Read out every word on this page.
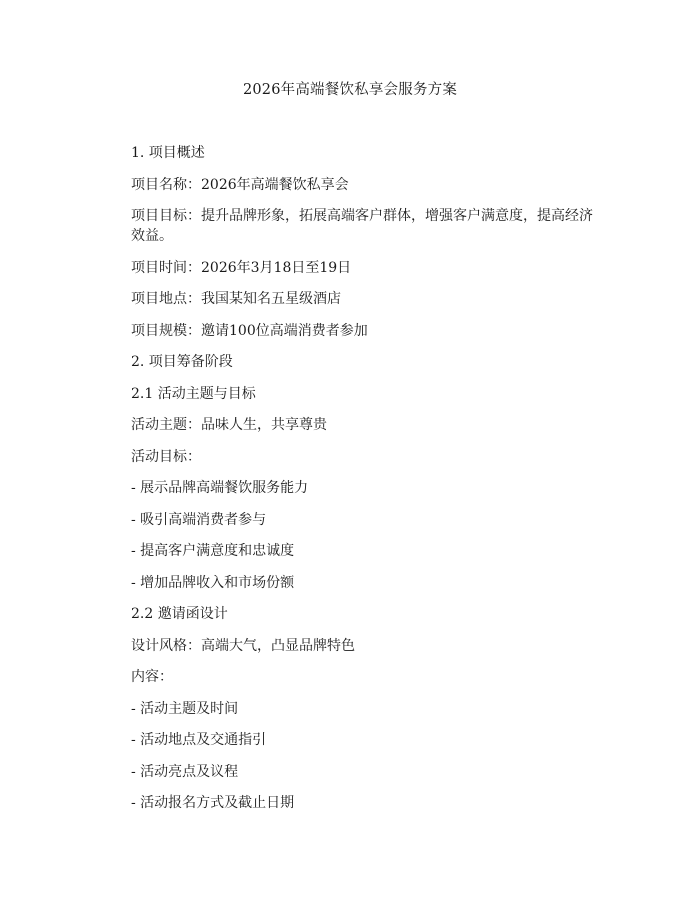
2026年高端餐饮私享会服务方案

1. 项目概述

项目名称：2026年高端餐饮私享会

项目目标：提升品牌形象，拓展高端客户群体，增强客户满意度，提高经济效益。

项目时间：2026年3月18日至19日

项目地点：我国某知名五星级酒店

项目规模：邀请100位高端消费者参加

2. 项目筹备阶段

2.1 活动主题与目标

活动主题：品味人生，共享尊贵

活动目标：

- 展示品牌高端餐饮服务能力

- 吸引高端消费者参与

- 提高客户满意度和忠诚度

- 增加品牌收入和市场份额

2.2 邀请函设计

设计风格：高端大气，凸显品牌特色

内容：

- 活动主题及时间

- 活动地点及交通指引

- 活动亮点及议程

- 活动报名方式及截止日期
